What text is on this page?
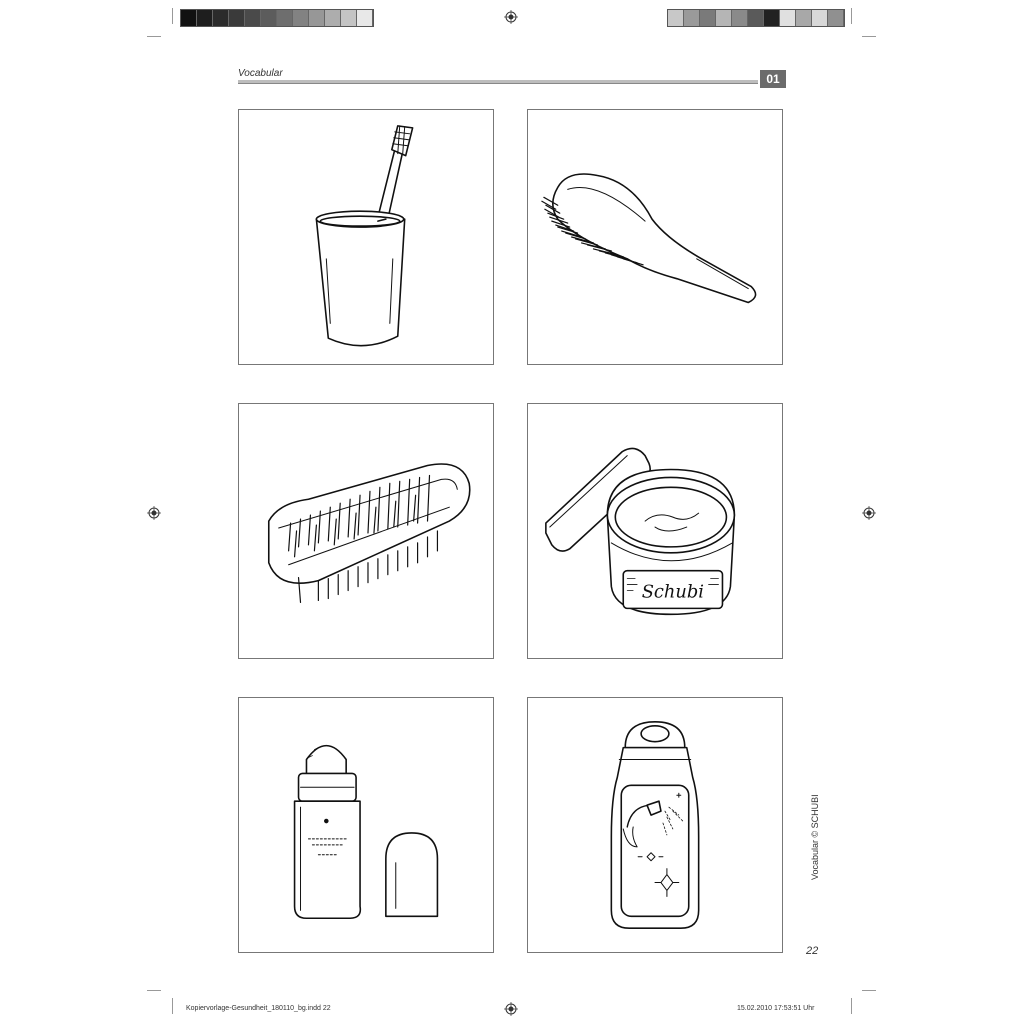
Vocabular	01
Schubi
Vocabular © SCHUBI
22
Kopiervorlage-Gesundheit_180110_bg.indd 22	15.02.2010 17:53:51 Uhr
